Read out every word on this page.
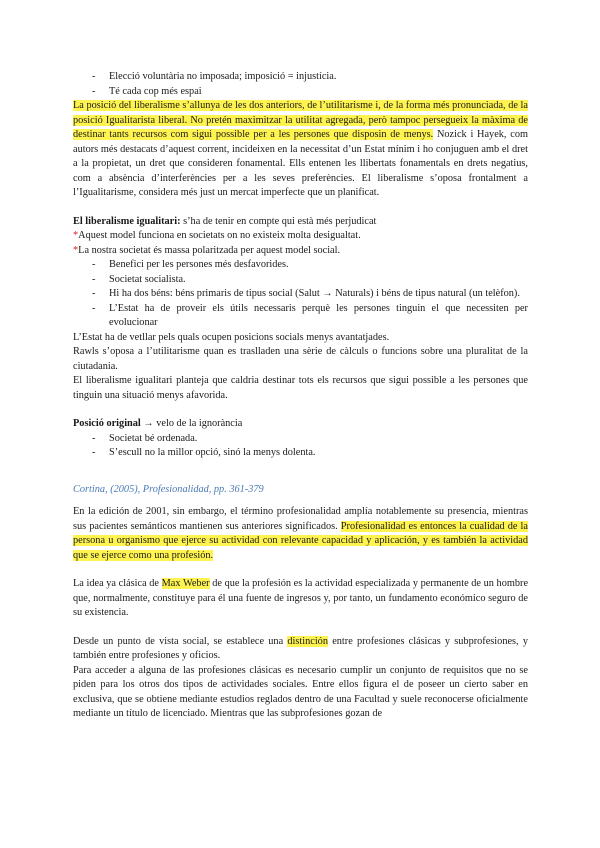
- Elecció voluntària no imposada; imposició = injustícia.
- Té cada cop més espai

La posició del liberalisme s’allunya de les dos anteriors, de l’utilitarisme i, de la forma més pronunciada, de la posició Igualitarista liberal. No pretén maximitzar la utilitat agregada, però tampoc persegueix la màxima de destinar tants recursos com sigui possible per a les persones que disposin de menys. Nozick i Hayek, com autors més destacats d’aquest corrent, incideixen en la necessitat d’un Estat mínim i ho conjuguen amb el dret a la propietat, un dret que consideren fonamental. Ells entenen les llibertats fonamentals en drets negatius, com a absència d’interferències per a les seves preferències. El liberalisme s’oposa frontalment a l’Igualitarisme, considera més just un mercat imperfecte que un planificat.

El liberalisme igualitari: s’ha de tenir en compte qui està més perjudicat

*Aquest model funciona en societats on no existeix molta desigualtat.

*La nostra societat és massa polaritzada per aquest model social.

- Benefici per les persones més desfavorides.
- Societat socialista.
- Hi ha dos béns: béns primaris de tipus social (Salut → Naturals) i béns de tipus natural (un telèfon).
- L’Estat ha de proveir els útils necessaris perquè les persones tinguin el que necessiten per evolucionar

L’Estat ha de vetllar pels quals ocupen posicions socials menys avantatjades.

Rawls s’oposa a l’utilitarisme quan es traslladen una sèrie de càlculs o funcions sobre una pluralitat de la ciutadania.

El liberalisme igualitari planteja que caldria destinar tots els recursos que sigui possible a les persones que tinguin una situació menys afavorida.

Posició original → velo de la ignorància

- Societat bé ordenada.
- S’escull no la millor opció, sinó la menys dolenta.

Cortina, (2005), Profesionalidad, pp. 361-379

En la edición de 2001, sin embargo, el término profesionalidad amplía notablemente su presencia, mientras sus pacientes semánticos mantienen sus anteriores significados. Profesionalidad es entonces la cualidad de la persona u organismo que ejerce su actividad con relevante capacidad y aplicación, y es también la actividad que se ejerce como una profesión.

La idea ya clásica de Max Weber de que la profesión es la actividad especializada y permanente de un hombre que, normalmente, constituye para él una fuente de ingresos y, por tanto, un fundamento económico seguro de su existencia.

Desde un punto de vista social, se establece una distinción entre profesiones clásicas y subprofesiones, y también entre profesiones y oficios.

Para acceder a alguna de las profesiones clásicas es necesario cumplir un conjunto de requisitos que no se piden para los otros dos tipos de actividades sociales. Entre ellos figura el de poseer un cierto saber en exclusiva, que se obtiene mediante estudios reglados dentro de una Facultad y suele reconocerse oficialmente mediante un título de licenciado. Mientras que las subprofesiones gozan de
